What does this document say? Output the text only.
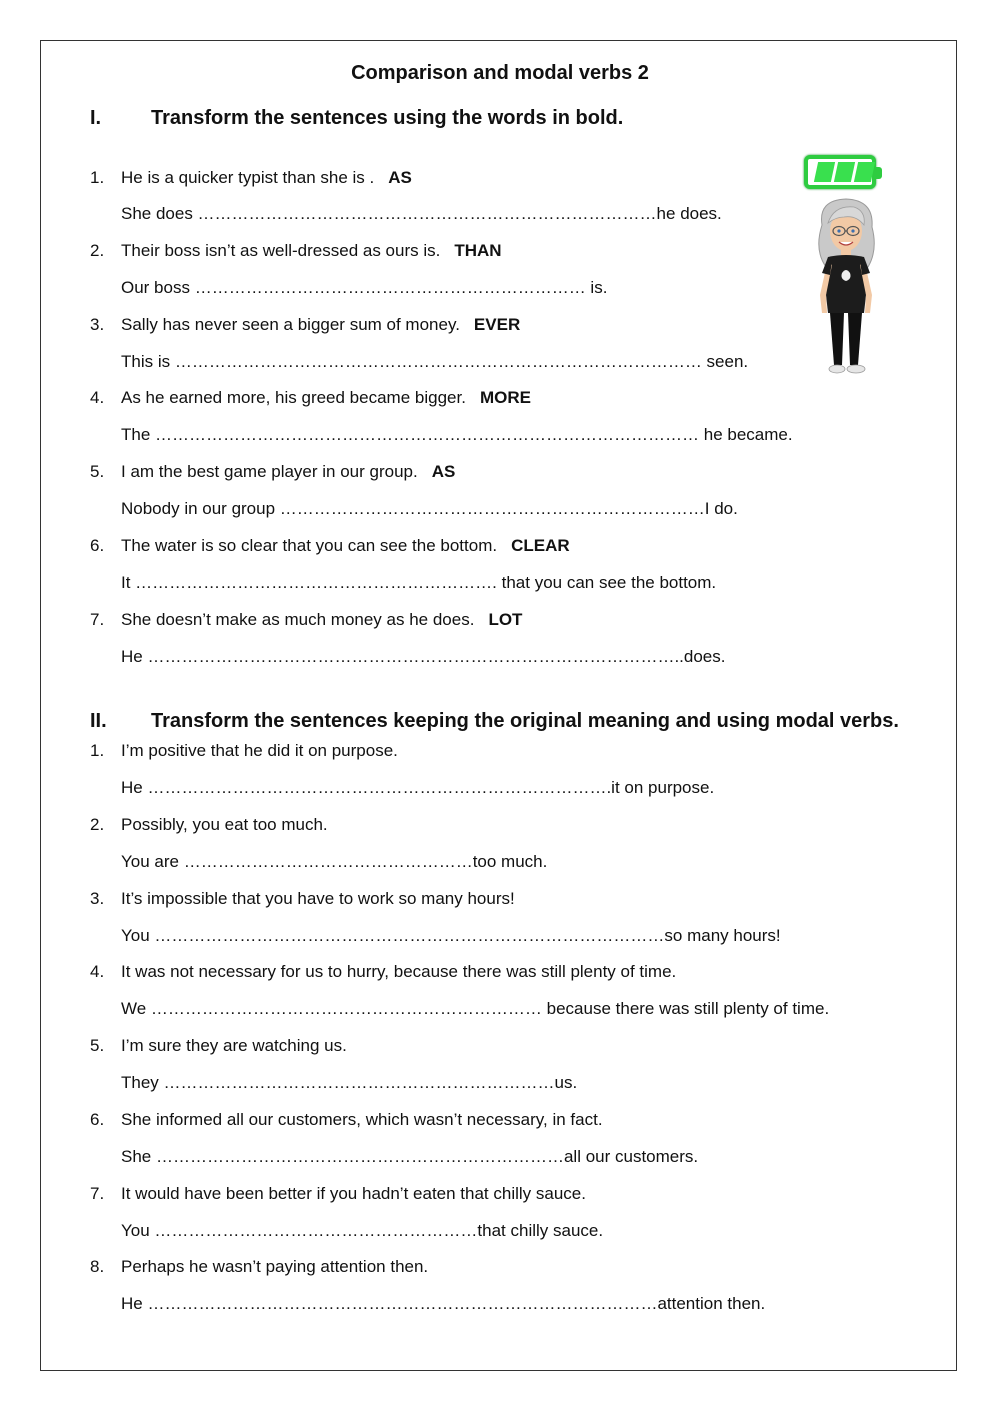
Comparison and modal verbs 2
I. Transform the sentences using the words in bold.
1. He is a quicker typist than she is . AS
She does ………………………………………………………………………he does.
2. Their boss isn’t as well-dressed as ours is. THAN
Our boss …………………………………………………………… is.
3. Sally has never seen a bigger sum of money. EVER
This is ………………………………………………………………………………… seen.
4. As he earned more, his greed became bigger. MORE
The …………………………………………………………………………………… he became.
5. I am the best game player in our group. AS
Nobody in our group …………………………………………………………………I do.
6. The water is so clear that you can see the bottom. CLEAR
It ………………………………………………………. that you can see the bottom.
7. She doesn’t make as much money as he does. LOT
He …………………………………………………………………………………..does.
II. Transform the sentences keeping the original meaning and using modal verbs.
1. I’m positive that he did it on purpose.
He ……………………………………………………………………….it on purpose.
2. Possibly, you eat too much.
You are ……………………………………………too much.
3. It’s impossible that you have to work so many hours!
You ………………………………………………………………………………so many hours!
4. It was not necessary for us to hurry, because there was still plenty of time.
We …………………………………………………………… because there was still plenty of time.
5. I’m sure they are watching us.
They ……………………………………………………………us.
6. She informed all our customers, which wasn’t necessary, in fact.
She ………………………………………………………………all our customers.
7. It would have been better if you hadn’t eaten that chilly sauce.
You …………………………………………………that chilly sauce.
8. Perhaps he wasn’t paying attention then.
He ………………………………………………………………………………attention then.
